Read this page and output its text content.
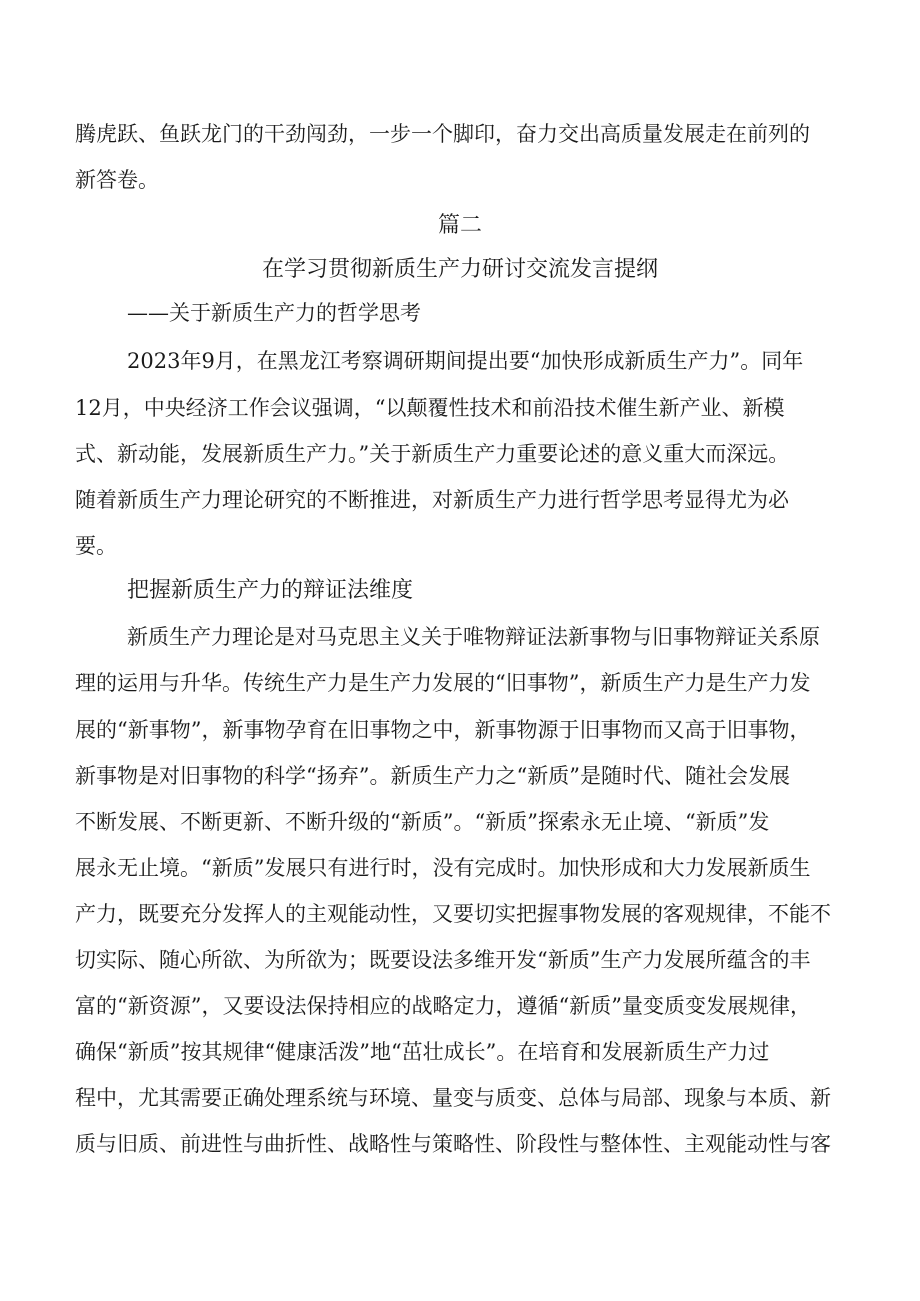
腾虎跃、鱼跃龙门的干劲闯劲，一步一个脚印，奋力交出高质量发展走在前列的
新答卷。
篇二
在学习贯彻新质生产力研讨交流发言提纲
——关于新质生产力的哲学思考
2023年9月，在黑龙江考察调研期间提出要“加快形成新质生产力”。同年
12月，中央经济工作会议强调，“以颠覆性技术和前沿技术催生新产业、新模
式、新动能，发展新质生产力。”关于新质生产力重要论述的意义重大而深远。
随着新质生产力理论研究的不断推进，对新质生产力进行哲学思考显得尤为必
要。
把握新质生产力的辩证法维度
新质生产力理论是对马克思主义关于唯物辩证法新事物与旧事物辩证关系原
理的运用与升华。传统生产力是生产力发展的“旧事物”，新质生产力是生产力发
展的“新事物”，新事物孕育在旧事物之中，新事物源于旧事物而又高于旧事物，
新事物是对旧事物的科学“扬弃”。新质生产力之“新质”是随时代、随社会发展
不断发展、不断更新、不断升级的“新质”。“新质”探索永无止境、“新质”发
展永无止境。“新质”发展只有进行时，没有完成时。加快形成和大力发展新质生
产力，既要充分发挥人的主观能动性，又要切实把握事物发展的客观规律，不能不
切实际、随心所欲、为所欲为；既要设法多维开发“新质”生产力发展所蕴含的丰
富的“新资源”，又要设法保持相应的战略定力，遵循“新质”量变质变发展规律，
确保“新质”按其规律“健康活泼”地“茁壮成长”。在培育和发展新质生产力过
程中，尤其需要正确处理系统与环境、量变与质变、总体与局部、现象与本质、新
质与旧质、前进性与曲折性、战略性与策略性、阶段性与整体性、主观能动性与客
